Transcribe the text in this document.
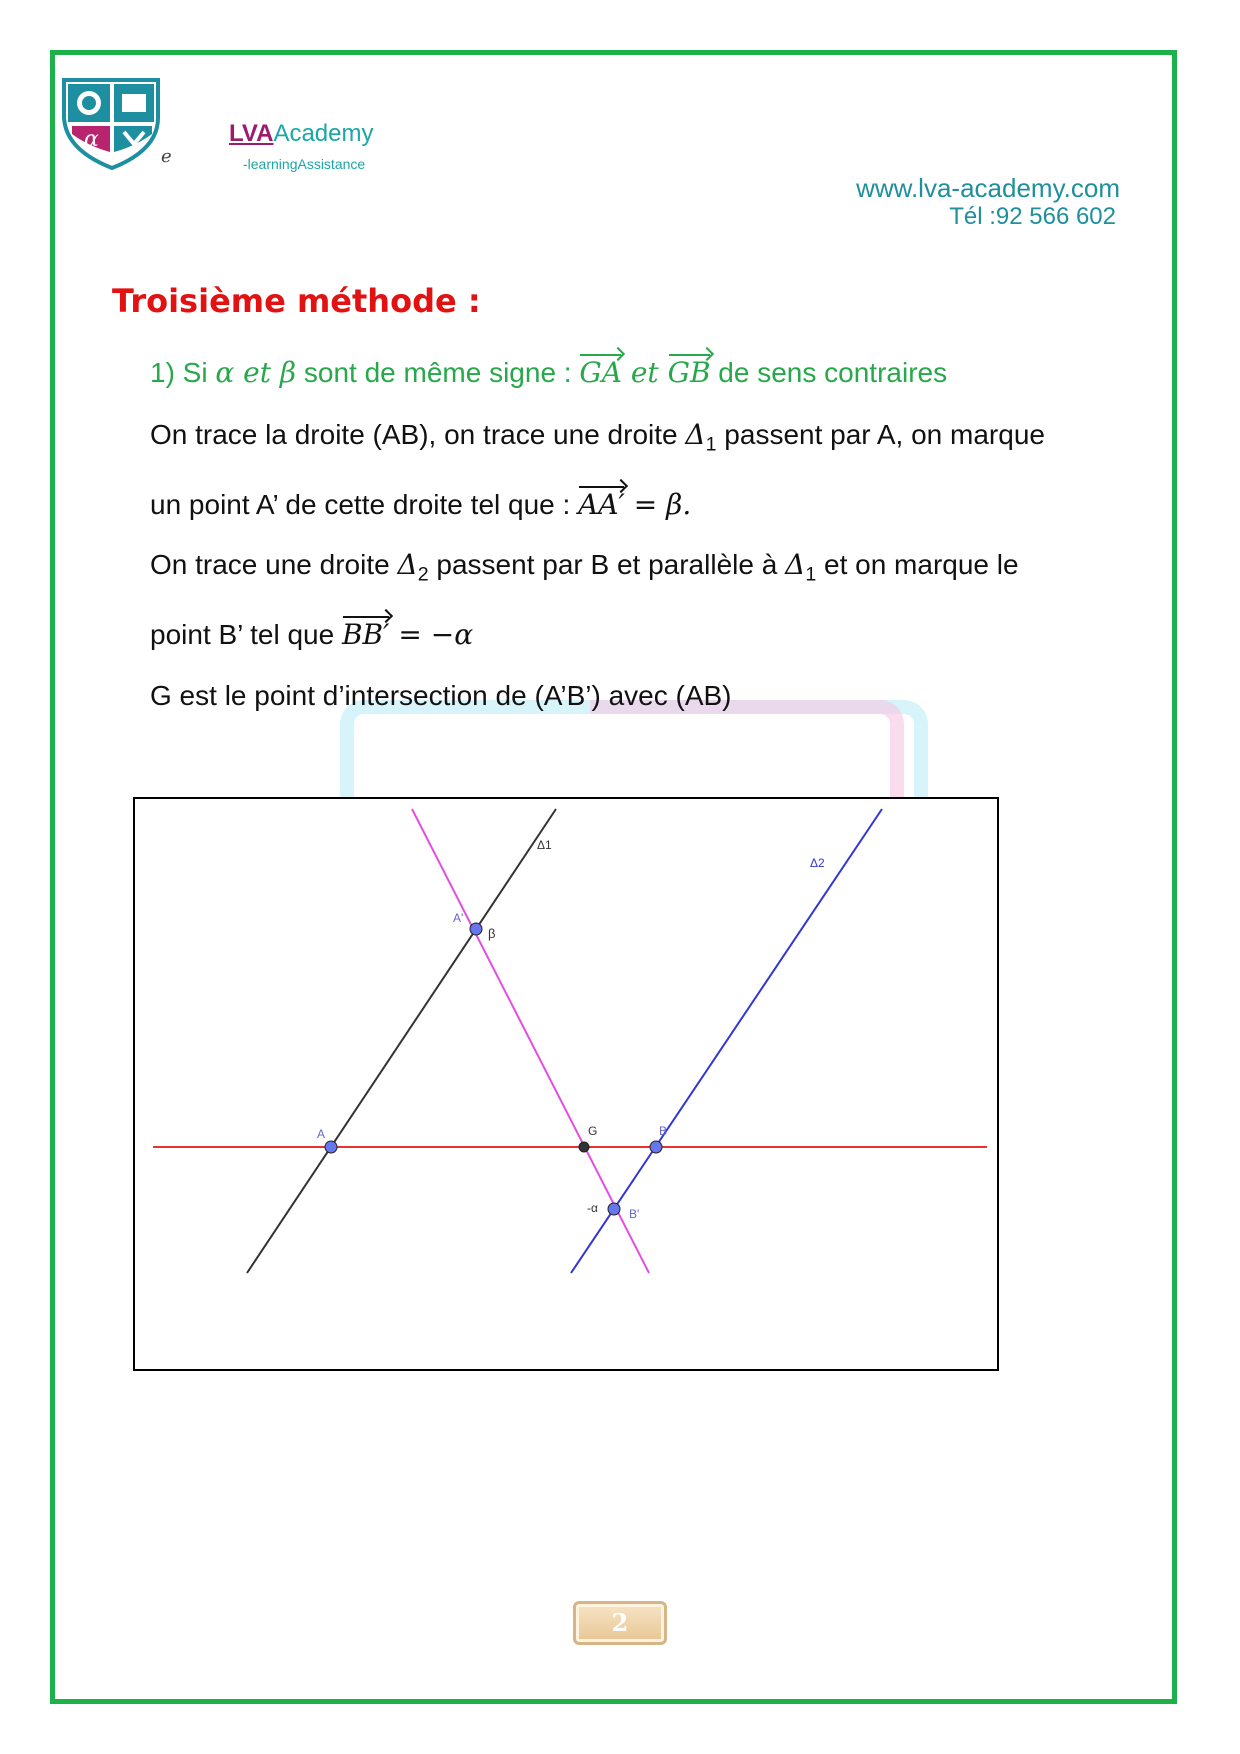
α
e
LVAAcademy
-learningAssistance
www.lva-academy.com
Tél :92 566 602
Troisième méthode :
1) Si α et β sont de même signe : GA et GB de sens contraires
On trace la droite (AB), on trace une droite $\Delta_1$ passent par A, on marque
un point A’ de cette droite tel que : AA′ = β.
On trace une droite $\Delta_2$ passent par B et parallèle à $\Delta_1$ et on marque le
point B’ tel que BB′ = −α
G est le point d’intersection de (A’B’) avec (AB)
A	B
G
A'
B'
β
-α
Δ1
Δ2
2
